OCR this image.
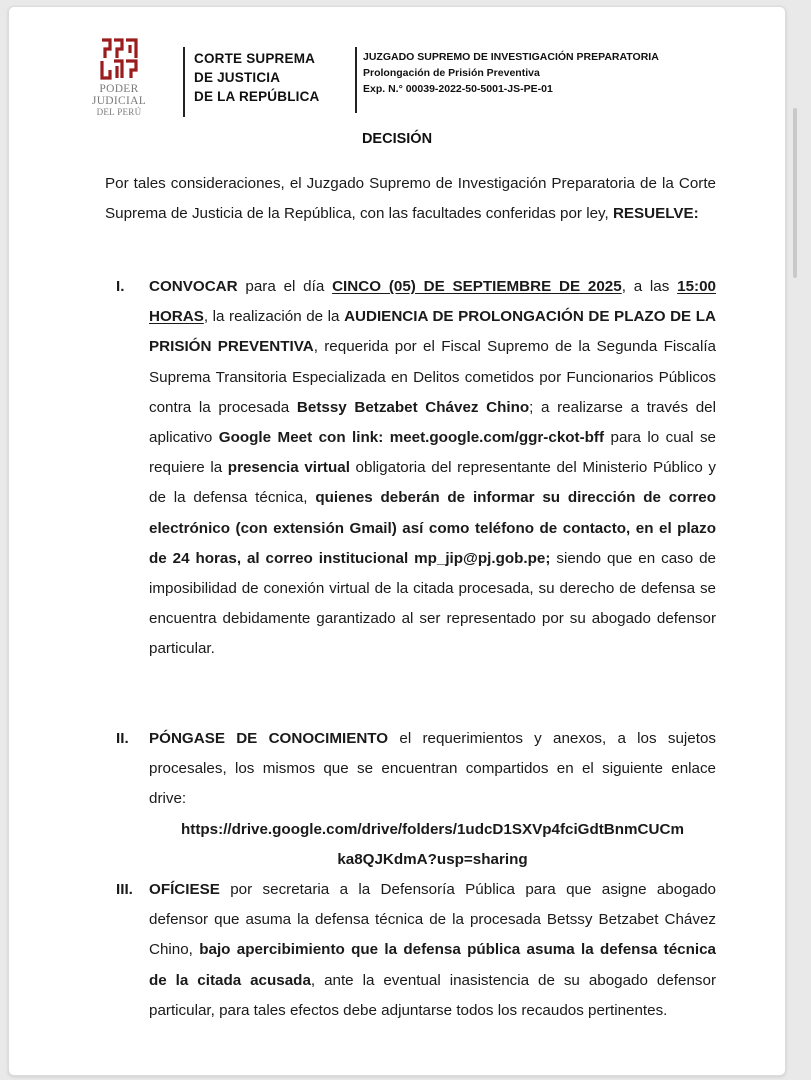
PODER JUDICIAL
DEL PERÚ
CORTE SUPREMA
DE JUSTICIA
DE LA REPÚBLICA
JUZGADO SUPREMO DE INVESTIGACIÓN PREPARATORIA
Prolongación de Prisión Preventiva
Exp. N.° 00039-2022-50-5001-JS-PE-01
DECISIÓN
Por tales consideraciones, el Juzgado Supremo de Investigación Preparatoria de la Corte Suprema de Justicia de la República, con las facultades conferidas por ley, RESUELVE:
I. CONVOCAR para el día CINCO (05) DE SEPTIEMBRE DE 2025, a las 15:00 HORAS, la realización de la AUDIENCIA DE PROLONGACIÓN DE PLAZO DE LA PRISIÓN PREVENTIVA, requerida por el Fiscal Supremo de la Segunda Fiscalía Suprema Transitoria Especializada en Delitos cometidos por Funcionarios Públicos contra la procesada Betssy Betzabet Chávez Chino; a realizarse a través del aplicativo Google Meet con link: meet.google.com/ggr-ckot-bff para lo cual se requiere la presencia virtual obligatoria del representante del Ministerio Público y de la defensa técnica, quienes deberán de informar su dirección de correo electrónico (con extensión Gmail) así como teléfono de contacto, en el plazo de 24 horas, al correo institucional mp_jip@pj.gob.pe; siendo que en caso de imposibilidad de conexión virtual de la citada procesada, su derecho de defensa se encuentra debidamente garantizado al ser representado por su abogado defensor particular.
II. PÓNGASE DE CONOCIMIENTO el requerimientos y anexos, a los sujetos procesales, los mismos que se encuentran compartidos en el siguiente enlace drive:
https://drive.google.com/drive/folders/1udcD1SXVp4fciGdtBnmCUCm
ka8QJKdmA?usp=sharing
III. OFÍCIESE por secretaria a la Defensoría Pública para que asigne abogado defensor que asuma la defensa técnica de la procesada Betssy Betzabet Chávez Chino, bajo apercibimiento que la defensa pública asuma la defensa técnica de la citada acusada, ante la eventual inasistencia de su abogado defensor particular, para tales efectos debe adjuntarse todos los recaudos pertinentes.
